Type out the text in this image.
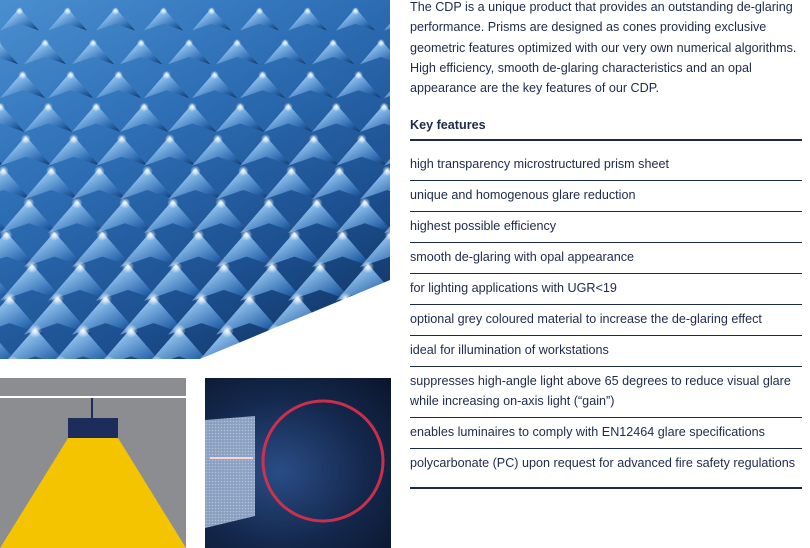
The CDP is a unique product that provides an outstanding de-glaring performance. Prisms are designed as cones providing exclusive geometric features optimized with our very own numerical algorithms. High efficiency, smooth de-glaring characteristics and an opal appearance are the key features of our CDP.

Key features
high transparency microstructured prism sheet
unique and homogenous glare reduction
highest possible efficiency
smooth de-glaring with opal appearance
for lighting applications with UGR<19
optional grey coloured material to increase the de-glaring effect
ideal for illumination of workstations
suppresses high-angle light above 65 degrees to reduce visual glare while increasing on-axis light (“gain”)
enables luminaires to comply with EN12464 glare specifications
polycarbonate (PC) upon request for advanced fire safety regulations
